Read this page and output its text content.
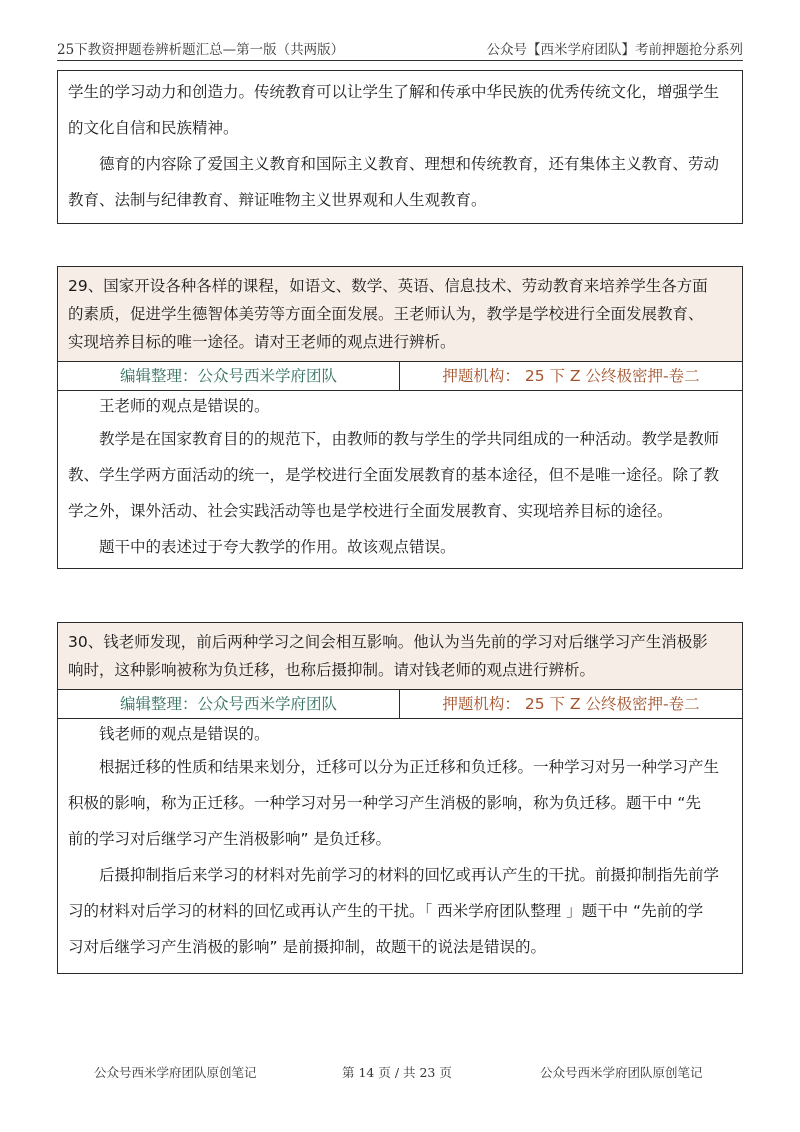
25下教资押题卷辨析题汇总—第一版（共两版）	公众号【西米学府团队】考前押题抢分系列

学生的学习动力和创造力。传统教育可以让学生了解和传承中华民族的优秀传统文化，增强学生

的文化自信和民族精神。

德育的内容除了爱国主义教育和国际主义教育、理想和传统教育，还有集体主义教育、劳动

教育、法制与纪律教育、辩证唯物主义世界观和人生观教育。

29、国家开设各种各样的课程，如语文、数学、英语、信息技术、劳动教育来培养学生各方面
的素质，促进学生德智体美劳等方面全面发展。王老师认为，教学是学校进行全面发展教育、
实现培养目标的唯一途径。请对王老师的观点进行辨析。
编辑整理：公众号西米学府团队	押题机构： 25 下 Z 公终极密押-卷二

王老师的观点是错误的。

教学是在国家教育目的的规范下，由教师的教与学生的学共同组成的一种活动。教学是教师

教、学生学两方面活动的统一，是学校进行全面发展教育的基本途径，但不是唯一途径。除了教

学之外，课外活动、社会实践活动等也是学校进行全面发展教育、实现培养目标的途径。

题干中的表述过于夸大教学的作用。故该观点错误。

30、钱老师发现，前后两种学习之间会相互影响。他认为当先前的学习对后继学习产生消极影
响时，这种影响被称为负迁移，也称后摄抑制。请对钱老师的观点进行辨析。
编辑整理：公众号西米学府团队	押题机构： 25 下 Z 公终极密押-卷二

钱老师的观点是错误的。

根据迁移的性质和结果来划分，迁移可以分为正迁移和负迁移。一种学习对另一种学习产生

积极的影响，称为正迁移。一种学习对另一种学习产生消极的影响，称为负迁移。题干中 “先

前的学习对后继学习产生消极影响” 是负迁移。

后摄抑制指后来学习的材料对先前学习的材料的回忆或再认产生的干扰。前摄抑制指先前学

习的材料对后学习的材料的回忆或再认产生的干扰。「 西米学府团队整理 」题干中 “先前的学

习对后继学习产生消极的影响” 是前摄抑制，故题干的说法是错误的。

公众号西米学府团队原创笔记	第 14 页 / 共 23 页	公众号西米学府团队原创笔记
